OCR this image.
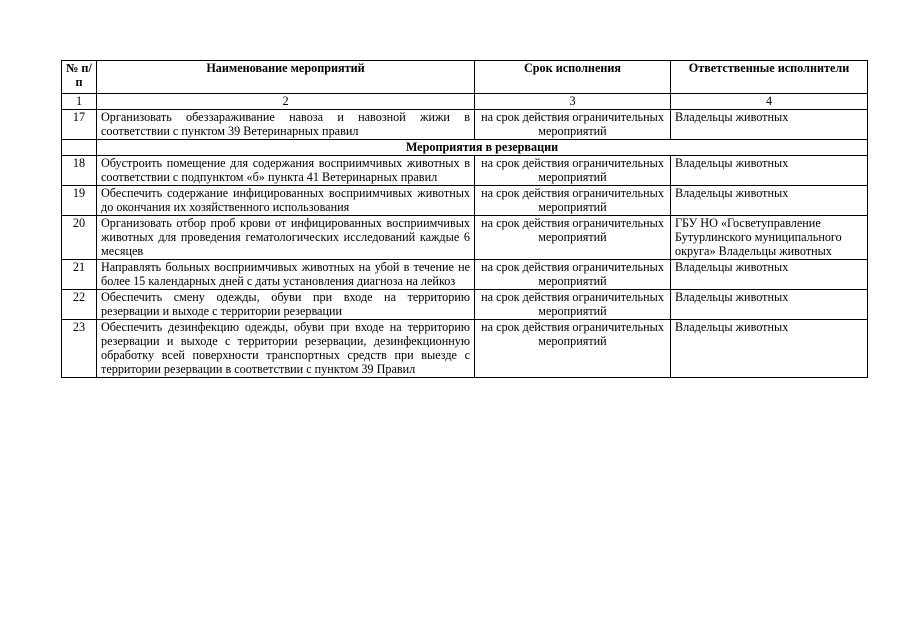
№ п/п	Наименование мероприятий	Срок исполнения	Ответственные исполнители
1	2	3	4
17	Организовать обеззараживание навоза и навозной жижи в соответствии с пунктом 39 Ветеринарных правил	на срок действия ограничительных мероприятий	Владельцы животных
	Мероприятия в резервации		
18	Обустроить помещение для содержания восприимчивых животных в соответствии с подпунктом «б» пункта 41 Ветеринарных правил	на срок действия ограничительных мероприятий	Владельцы животных
19	Обеспечить содержание инфицированных восприимчивых животных до окончания их хозяйственного использования	на срок действия ограничительных мероприятий	Владельцы животных
20	Организовать отбор проб крови от инфицированных восприимчивых животных для проведения гематологических исследований каждые 6 месяцев	на срок действия ограничительных мероприятий	ГБУ НО «Госветуправление Бутурлинского муниципального округа» Владельцы животных
21	Направлять больных восприимчивых животных на убой в течение не более 15 календарных дней с даты установления диагноза на лейкоз	на срок действия ограничительных мероприятий	Владельцы животных
22	Обеспечить смену одежды, обуви при входе на территорию резервации и выходе с территории резервации	на срок действия ограничительных мероприятий	Владельцы животных
23	Обеспечить дезинфекцию одежды, обуви при входе на территорию резервации и выходе с территории резервации, дезинфекционную обработку всей поверхности транспортных средств при выезде с территории резервации в соответствии с пунктом 39 Правил	на срок действия ограничительных мероприятий	Владельцы животных
